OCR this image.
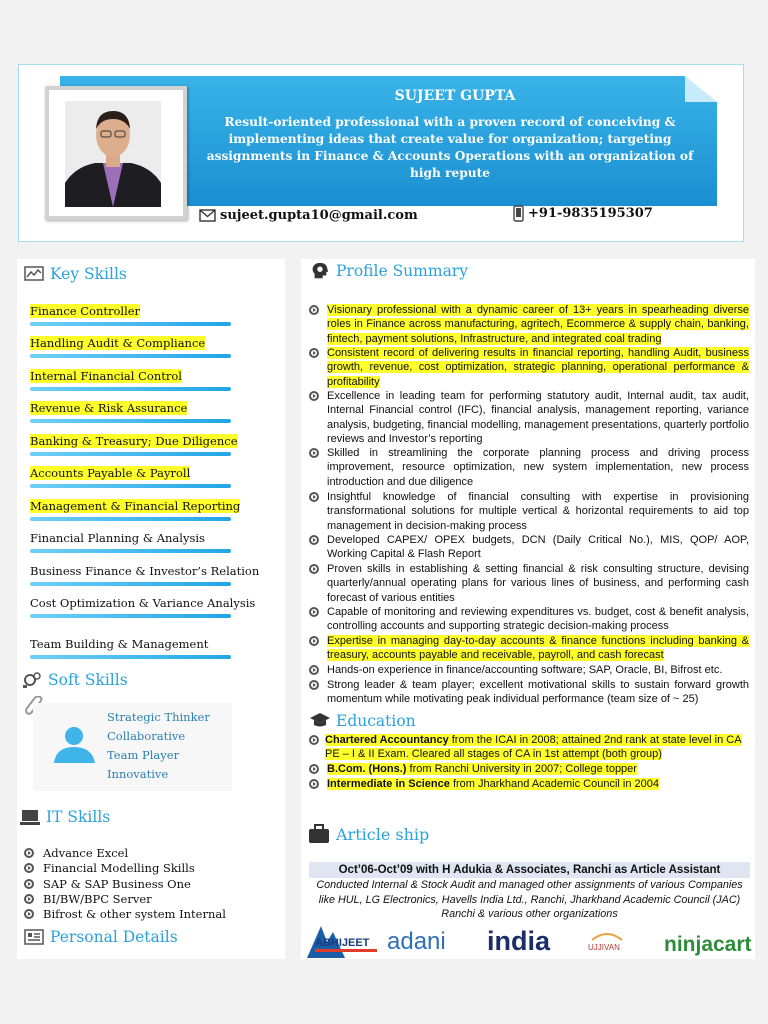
SUJEET GUPTA
Result-oriented professional with a proven record of conceiving & implementing ideas that create value for organization; targeting assignments in Finance & Accounts Operations with an organization of high repute
sujeet.gupta10@gmail.com	+91-9835195307
Key Skills
Finance Controller
Handling Audit & Compliance
Internal Financial Control
Revenue & Risk Assurance
Banking & Treasury; Due Diligence
Accounts Payable & Payroll
Management & Financial Reporting
Financial Planning & Analysis
Business Finance & Investor’s Relation
Cost Optimization & Variance Analysis
Team Building & Management
Soft Skills
Strategic Thinker
Collaborative
Team Player
Innovative
IT Skills
Advance Excel
Financial Modelling Skills
SAP & SAP Business One
BI/BW/BPC Server
Bifrost & other system Internal
Personal Details
Profile Summary
Visionary professional with a dynamic career of 13+ years in spearheading diverse roles in Finance across manufacturing, agritech, Ecommerce & supply chain, banking, fintech, payment solutions, Infrastructure, and integrated coal trading
Consistent record of delivering results in financial reporting, handling Audit, business growth, revenue, cost optimization, strategic planning, operational performance & profitability
Excellence in leading team for performing statutory audit, Internal audit, tax audit, Internal Financial control (IFC), financial analysis, management reporting, variance analysis, budgeting, financial modelling, management presentations, quarterly portfolio reviews and Investor’s reporting
Skilled in streamlining the corporate planning process and driving process improvement, resource optimization, new system implementation, new process introduction and due diligence
Insightful knowledge of financial consulting with expertise in provisioning transformational solutions for multiple vertical & horizontal requirements to aid top management in decision-making process
Developed CAPEX/ OPEX budgets, DCN (Daily Critical No.), MIS, QOP/ AOP, Working Capital & Flash Report
Proven skills in establishing & setting financial & risk consulting structure, devising quarterly/annual operating plans for various lines of business, and performing cash forecast of various entities
Capable of monitoring and reviewing expenditures vs. budget, cost & benefit analysis, controlling accounts and supporting strategic decision-making process
Expertise in managing day-to-day accounts & finance functions including banking & treasury, accounts payable and receivable, payroll, and cash forecast
Hands-on experience in finance/accounting software; SAP, Oracle, BI, Bifrost etc.
Strong leader & team player; excellent motivational skills to sustain forward growth momentum while motivating peak individual performance (team size of ~ 25)
Education
Chartered Accountancy from the ICAI in 2008; attained 2nd rank at state level in CA PE – I & II Exam. Cleared all stages of CA in 1st attempt (both group)
B.Com. (Hons.) from Ranchi University in 2007; College topper
Intermediate in Science from Jharkhand Academic Council in 2004
Article ship
Oct’06-Oct’09 with H Adukia & Associates, Ranchi as Article Assistant
Conducted Internal & Stock Audit and managed other assignments of various Companies like HUL, LG Electronics, Havells India Ltd., Ranchi, Jharkhand Academic Council (JAC) Ranchi & various other organizations
ABHIJEET adani india	UJJIVAN ninjacart
